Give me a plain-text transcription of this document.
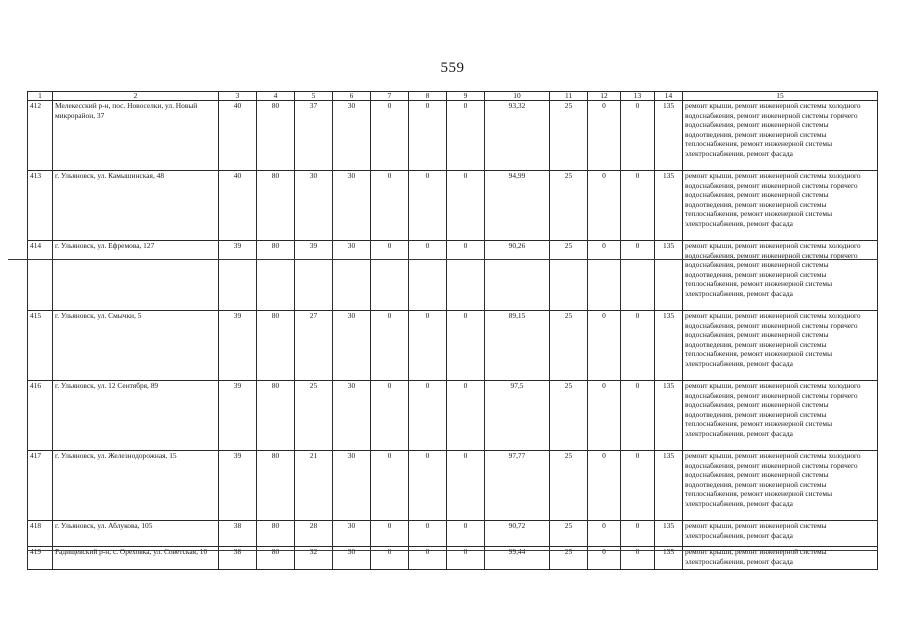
559
1	2	3	4	5	6	7	8	9	10	11	12	13	14	15
412	Мелекесский р-н, пос. Новоселки, ул. Новый микрорайон, 37	40	80	37	30	0	0	0	93,32	25	0	0	135	ремонт крыши, ремонт инженерной системы холодного водоснабжения, ремонт инженерной системы горячего водоснабжения, ремонт инженерной системы водоотведения, ремонт инженерной системы теплоснабжения, ремонт инженерной системы электроснабжения, ремонт фасада
413	г. Ульяновск, ул. Камышинская, 48	40	80	30	30	0	0	0	94,99	25	0	0	135	ремонт крыши, ремонт инженерной системы холодного водоснабжения, ремонт инженерной системы горячего водоснабжения, ремонт инженерной системы водоотведения, ремонт инженерной системы теплоснабжения, ремонт инженерной системы электроснабжения, ремонт фасада
414	г. Ульяновск, ул. Ефремова, 127	39	80	39	30	0	0	0	90,26	25	0	0	135	ремонт крыши, ремонт инженерной системы холодного водоснабжения, ремонт инженерной системы горячего водоснабжения, ремонт инженерной системы водоотведения, ремонт инженерной системы теплоснабжения, ремонт инженерной системы электроснабжения, ремонт фасада
415	г. Ульяновск, ул. Смычки, 5	39	80	27	30	0	0	0	89,15	25	0	0	135	ремонт крыши, ремонт инженерной системы холодного водоснабжения, ремонт инженерной системы горячего водоснабжения, ремонт инженерной системы водоотведения, ремонт инженерной системы теплоснабжения, ремонт инженерной системы электроснабжения, ремонт фасада
416	г. Ульяновск, ул. 12 Сентября, 89	39	80	25	30	0	0	0	97,5	25	0	0	135	ремонт крыши, ремонт инженерной системы холодного водоснабжения, ремонт инженерной системы горячего водоснабжения, ремонт инженерной системы водоотведения, ремонт инженерной системы теплоснабжения, ремонт инженерной системы электроснабжения, ремонт фасада
417	г. Ульяновск, ул. Железнодорожная, 15	39	80	21	30	0	0	0	97,77	25	0	0	135	ремонт крыши, ремонт инженерной системы холодного водоснабжения, ремонт инженерной системы горячего водоснабжения, ремонт инженерной системы водоотведения, ремонт инженерной системы теплоснабжения, ремонт инженерной системы электроснабжения, ремонт фасада
418	г. Ульяновск, ул. Аблукова, 105	38	80	28	30	0	0	0	90,72	25	0	0	135	ремонт крыши, ремонт инженерной системы электроснабжения, ремонт фасада
419	Радищевский р-н, с. Ореховка, ул. Советская, 10	38	80	32	30	0	0	0	99,44	25	0	0	135	ремонт крыши, ремонт инженерной системы электроснабжения, ремонт фасада
